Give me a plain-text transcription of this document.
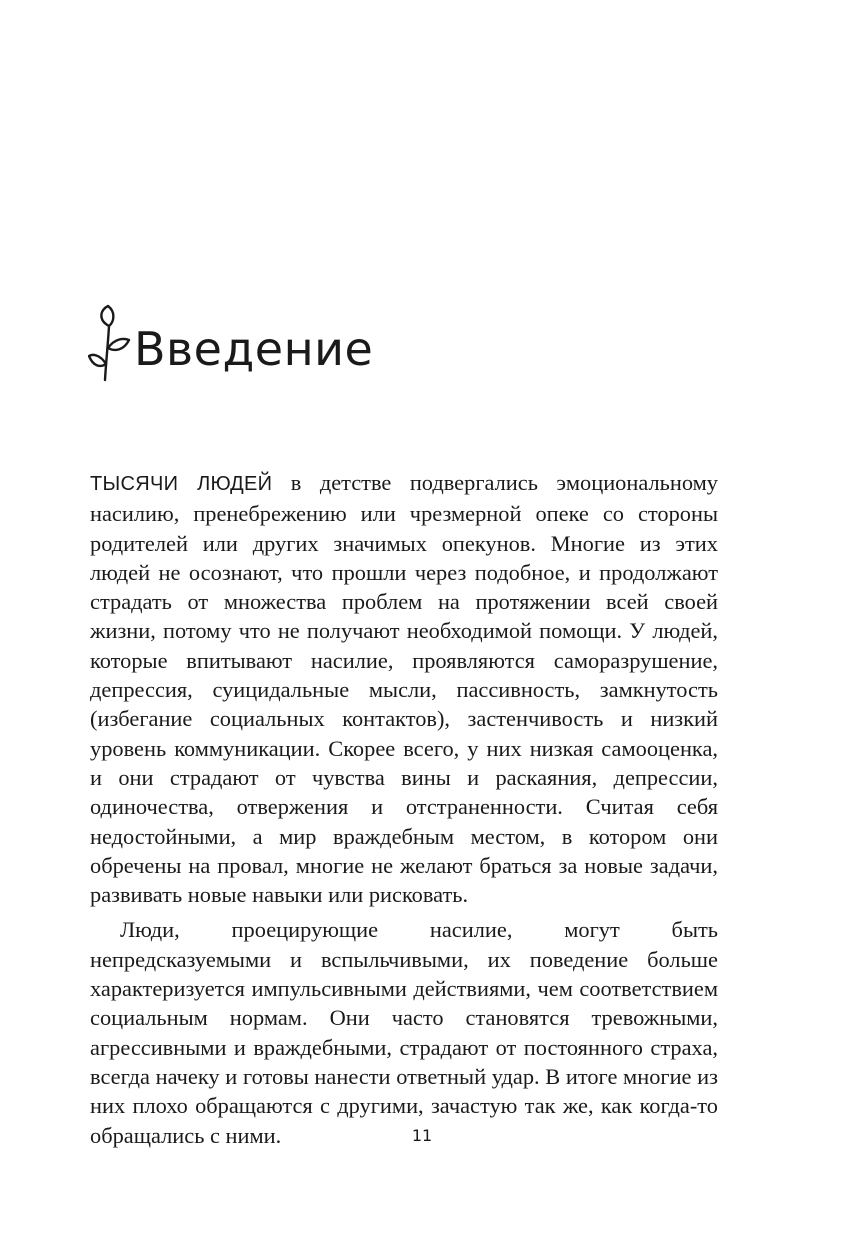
Введение

ТЫСЯЧИ ЛЮДЕЙ в детстве подвергались эмоциональному насилию, пренебрежению или чрезмерной опеке со стороны родителей или других значимых опекунов. Многие из этих людей не осознают, что прошли через подобное, и продолжают страдать от множества проблем на протяжении всей своей жизни, потому что не получают необходимой помощи. У людей, которые впитывают насилие, проявляются саморазрушение, депрессия, суицидальные мысли, пассивность, замкнутость (избегание социальных контактов), застенчивость и низкий уровень коммуникации. Скорее всего, у них низкая самооценка, и они страдают от чувства вины и раскаяния, депрессии, одиночества, отвержения и отстраненности. Считая себя недостойными, а мир враждебным местом, в котором они обречены на провал, многие не желают браться за новые задачи, развивать новые навыки или рисковать.

Люди, проецирующие насилие, могут быть непредсказуемыми и вспыльчивыми, их поведение больше характеризуется импульсивными действиями, чем соответствием социальным нормам. Они часто становятся тревожными, агрессивными и враждебными, страдают от постоянного страха, всегда начеку и готовы нанести ответный удар. В итоге многие из них плохо обращаются с другими, зачастую так же, как когда-то обращались с ними.	11
